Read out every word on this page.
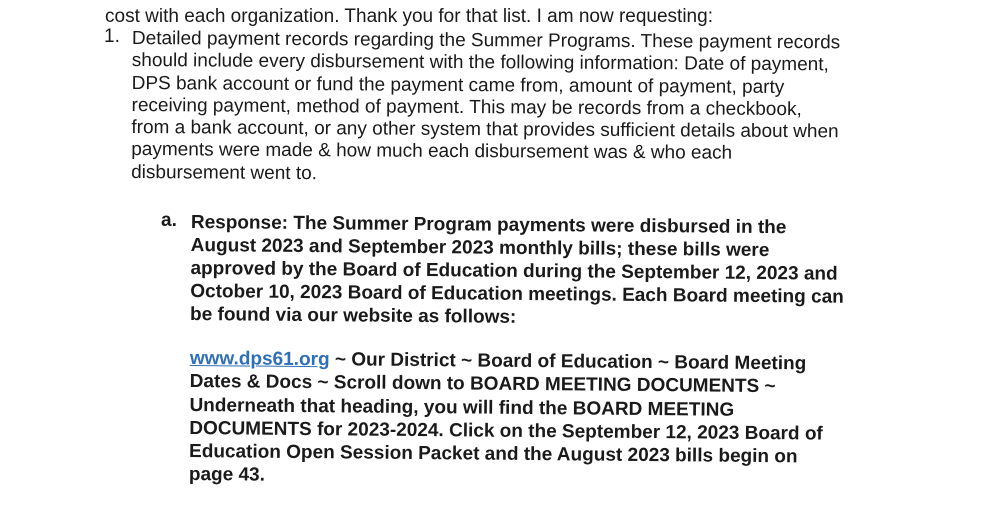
cost with each organization. Thank you for that list. I am now requesting:
1. Detailed payment records regarding the Summer Programs. These payment records
should include every disbursement with the following information: Date of payment,
DPS bank account or fund the payment came from, amount of payment, party
receiving payment, method of payment. This may be records from a checkbook,
from a bank account, or any other system that provides sufficient details about when
payments were made & how much each disbursement was & who each
disbursement went to.
a. Response: The Summer Program payments were disbursed in the
August 2023 and September 2023 monthly bills; these bills were
approved by the Board of Education during the September 12, 2023 and
October 10, 2023 Board of Education meetings. Each Board meeting can
be found via our website as follows:
www.dps61.org ~ Our District ~ Board of Education ~ Board Meeting
Dates & Docs ~ Scroll down to BOARD MEETING DOCUMENTS ~
Underneath that heading, you will find the BOARD MEETING
DOCUMENTS for 2023-2024. Click on the September 12, 2023 Board of
Education Open Session Packet and the August 2023 bills begin on
page 43.
